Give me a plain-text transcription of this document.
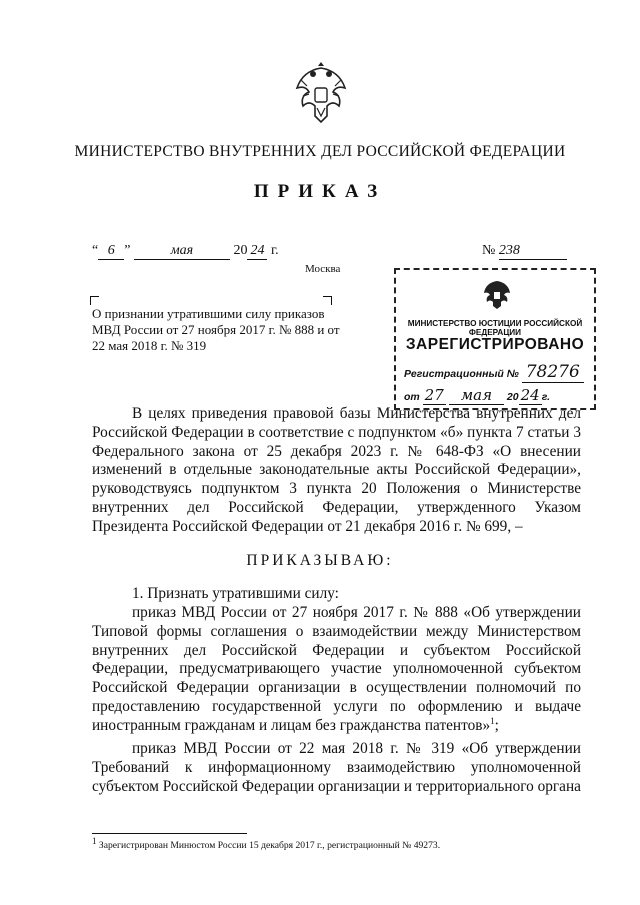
МИНИСТЕРСТВО ВНУТРЕННИХ ДЕЛ РОССИЙСКОЙ ФЕДЕРАЦИИ
ПРИКАЗ
“ 6 ”	мая	20 24 г.	№ 238
Москва
О признании утратившими силу приказов МВД России от 27 ноября 2017 г. № 888 и от 22 мая 2018 г. № 319
МИНИСТЕРСТВО ЮСТИЦИИ РОССИЙСКОЙ ФЕДЕРАЦИИ
ЗАРЕГИСТРИРОВАНО
Регистрационный № 78276
от 27 мая 20 24 г.

В целях приведения правовой базы Министерства внутренних дел Российской Федерации в соответствие с подпунктом «б» пункта 7 статьи 3 Федерального закона от 25 декабря 2023 г. № 648-ФЗ «О внесении изменений в отдельные законодательные акты Российской Федерации», руководствуясь подпунктом 3 пункта 20 Положения о Министерстве внутренних дел Российской Федерации, утвержденного Указом Президента Российской Федерации от 21 декабря 2016 г. № 699, –

ПРИКАЗЫВАЮ:
1. Признать утратившими силу:

приказ МВД России от 27 ноября 2017 г. № 888 «Об утверждении Типовой формы соглашения о взаимодействии между Министерством внутренних дел Российской Федерации и субъектом Российской Федерации, предусматривающего участие уполномоченной субъектом Российской Федерации организации в осуществлении полномочий по предоставлению государственной услуги по оформлению и выдаче иностранным гражданам и лицам без гражданства патентов»$^1$;

приказ МВД России от 22 мая 2018 г. № 319 «Об утверждении Требований к информационному взаимодействию уполномоченной субъектом Российской Федерации организации и территориального органа

$^1$ Зарегистрирован Минюстом России 15 декабря 2017 г., регистрационный № 49273.
